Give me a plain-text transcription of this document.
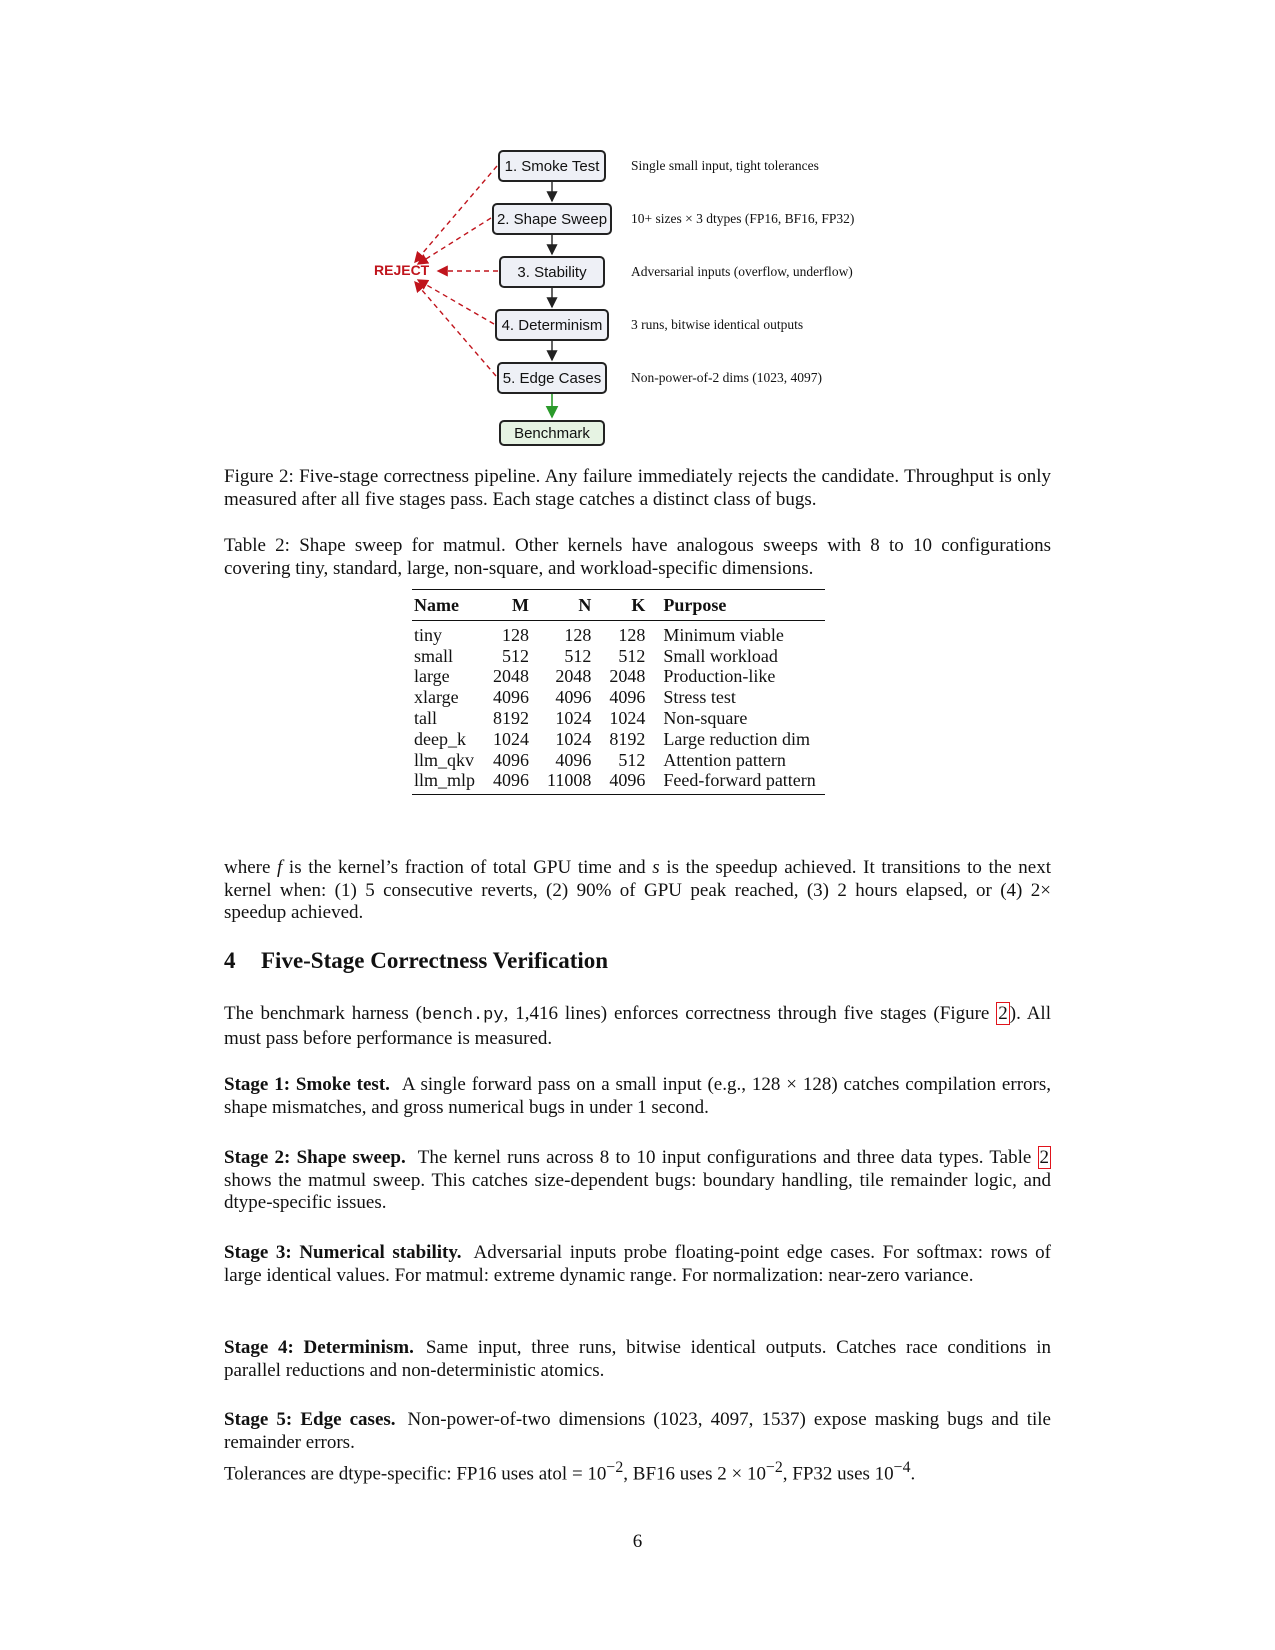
REJECT
1. Smoke Test
2. Shape Sweep
3. Stability
4. Determinism
5. Edge Cases
Benchmark
Single small input, tight tolerances
10+ sizes × 3 dtypes (FP16, BF16, FP32)
Adversarial inputs (overflow, underflow)
3 runs, bitwise identical outputs
Non-power-of-2 dims (1023, 4097)
Figure 2: Five-stage correctness pipeline. Any failure immediately rejects the candidate. Throughput is only measured after all five stages pass. Each stage catches a distinct class of bugs.
Table 2: Shape sweep for matmul. Other kernels have analogous sweeps with 8 to 10 configurations covering tiny, standard, large, non-square, and workload-specific dimensions.
Name	M	N	K	Purpose
tiny	128	128	128	Minimum viable
small	512	512	512	Small workload
large	2048	2048	2048	Production-like
xlarge	4096	4096	4096	Stress test
tall	8192	1024	1024	Non-square
deep_k	1024	1024	8192	Large reduction dim
llm_qkv	4096	4096	512	Attention pattern
llm_mlp	4096	11008	4096	Feed-forward pattern
where f is the kernel’s fraction of total GPU time and s is the speedup achieved. It transitions to the next kernel when: (1) 5 consecutive reverts, (2) 90% of GPU peak reached, (3) 2 hours elapsed, or (4) 2× speedup achieved.
4 Five-Stage Correctness Verification
The benchmark harness (bench.py, 1,416 lines) enforces correctness through five stages (Figure 2 ). All must pass before performance is measured.
Stage 1: Smoke test. A single forward pass on a small input (e.g., 128 × 128) catches compilation errors, shape mismatches, and gross numerical bugs in under 1 second.
Stage 2: Shape sweep. The kernel runs across 8 to 10 input configurations and three data types. Table 2 shows the matmul sweep. This catches size-dependent bugs: boundary handling, tile remainder logic, and dtype-specific issues.
Stage 3: Numerical stability. Adversarial inputs probe floating-point edge cases. For softmax: rows of large identical values. For matmul: extreme dynamic range. For normalization: near-zero variance.
Stage 4: Determinism. Same input, three runs, bitwise identical outputs. Catches race conditions in parallel reductions and non-deterministic atomics.
Stage 5: Edge cases. Non-power-of-two dimensions (1023, 4097, 1537) expose masking bugs and tile remainder errors.
Tolerances are dtype-specific: FP16 uses atol = $10^{-2}$, BF16 uses $2 \times 10^{-2}$, FP32 uses $10^{-4}$.
6
